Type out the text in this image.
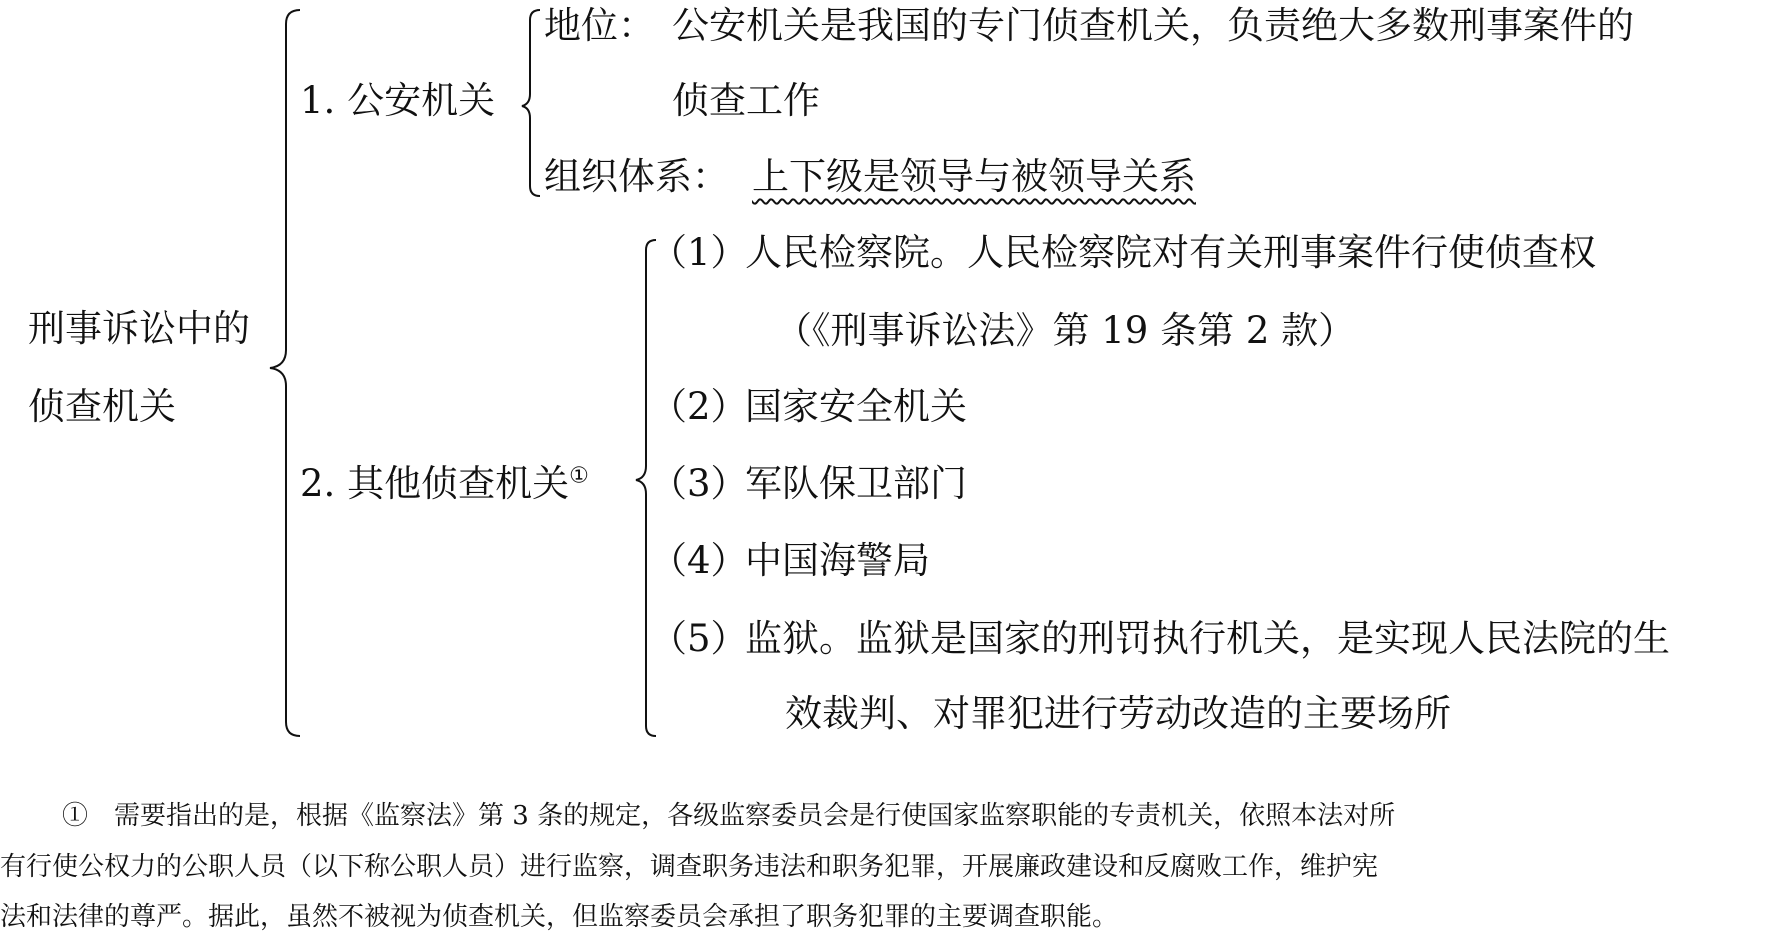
刑事诉讼中的
侦查机关
1. 公安机关
地位： 公安机关是我国的专门侦查机关，负责绝大多数刑事案件的
侦查工作
组织体系： 上下级是领导与被领导关系
2. 其他侦查机关①
（1）
人民检察院。人民检察院对有关刑事案件行使侦查权
（《刑事诉讼法》第 19 条第 2 款）
（2）
国家安全机关
（3）
军队保卫部门
（4）
中国海警局
（5）
监狱。监狱是国家的刑罚执行机关，是实现人民法院的生
效裁判、对罪犯进行劳动改造的主要场所
①　需要指出的是，根据《监察法》第 3 条的规定，各级监察委员会是行使国家监察职能的专责机关，依照本法对所
有行使公权力的公职人员（以下称公职人员）进行监察，调查职务违法和职务犯罪，开展廉政建设和反腐败工作，维护宪
法和法律的尊严。据此，虽然不被视为侦查机关，但监察委员会承担了职务犯罪的主要调查职能。
